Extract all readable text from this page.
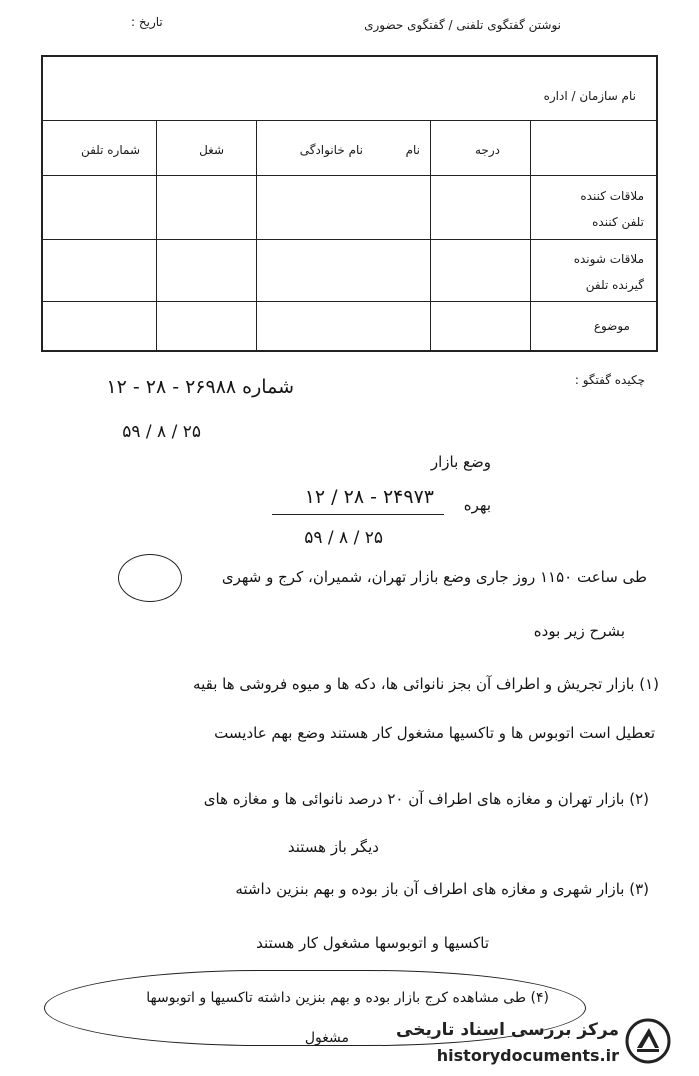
نوشتن گفتگوی تلفنی / گفتگوی حضوری
تاریخ :
نام سازمان / اداره
درجه
نام
نام خانوادگی
شغل
شماره تلفن
ملاقات کننده
تلفن کننده
ملاقات شونده
گیرنده تلفن
موضوع
چکیده گفتگو :
شماره ۲۶۹۸۸ - ۲۸ - ۱۲
۲۵ / ۸ / ۵۹
وضع بازار
بهره
۲۴۹۷۳ - ۲۸ / ۱۲
۲۵ / ۸ / ۵۹
طی ساعت ۱۱۵۰ روز جاری وضع بازار تهران، شمیران، کرج و شهری
بشرح زیر بوده
(۱) بازار تجریش و اطراف آن بجز نانوائی ها، دکه ها و میوه فروشی ها بقیه
تعطیل است اتوبوس ها و تاکسیها مشغول کار هستند وضع بهم عادیست
(۲) بازار تهران و مغازه های اطراف آن ۲۰ درصد نانوائی ها و مغازه های
دیگر باز هستند
(۳) بازار شهری و مغازه های اطراف آن باز بوده و بهم بنزین داشته
تاکسیها و اتوبوسها مشغول کار هستند
(۴) طی مشاهده کرج بازار بوده و بهم بنزین داشته تاکسیها و اتوبوسها
مشغول	مرکز بررسی اسناد تاریخی
historydocuments.ir
